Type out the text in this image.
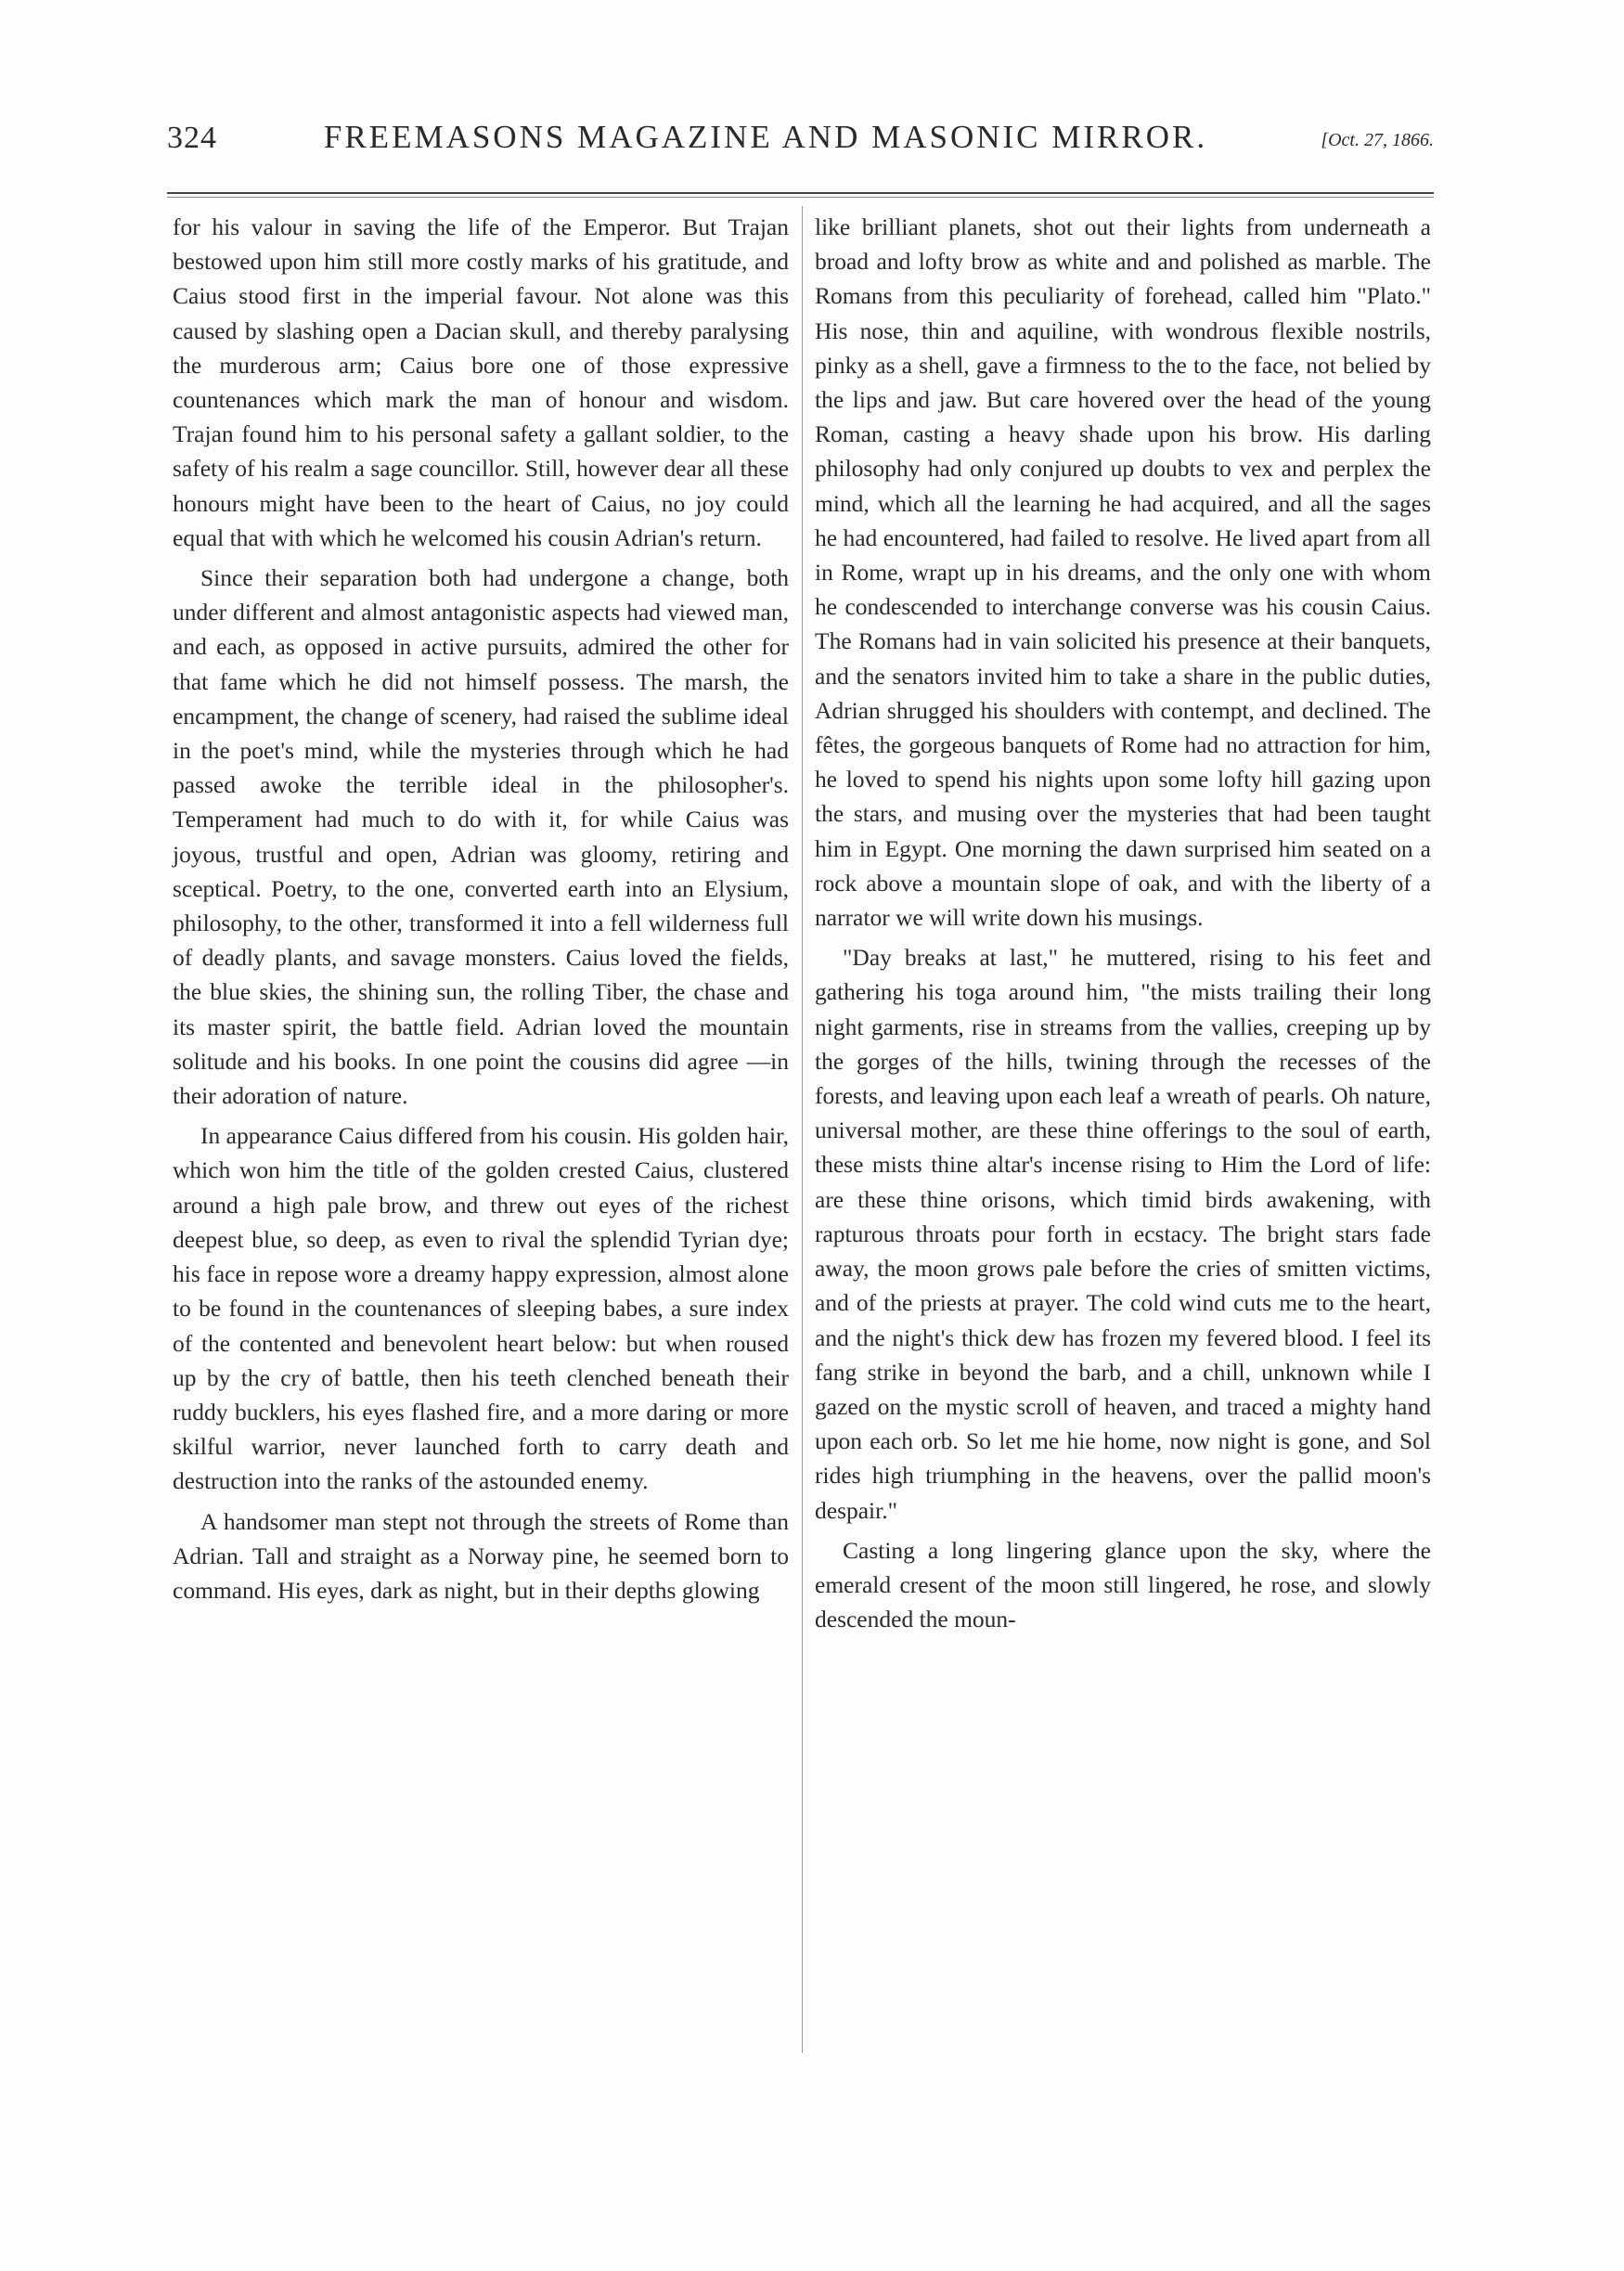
324	FREEMASONS MAGAZINE AND MASONIC MIRROR.	[Oct. 27, 1866.

for his valour in saving the life of the Emperor. But Trajan bestowed upon him still more costly marks of his gratitude, and Caius stood first in the imperial favour. Not alone was this caused by slashing open a Dacian skull, and thereby paralysing the murderous arm; Caius bore one of those expressive countenances which mark the man of honour and wisdom. Trajan found him to his personal safety a gallant soldier, to the safety of his realm a sage councillor. Still, however dear all these honours might have been to the heart of Caius, no joy could equal that with which he welcomed his cousin Adrian's return.

Since their separation both had undergone a change, both under different and almost antagonistic aspects had viewed man, and each, as opposed in active pursuits, admired the other for that fame which he did not himself possess. The marsh, the encampment, the change of scenery, had raised the sublime ideal in the poet's mind, while the mysteries through which he had passed awoke the terrible ideal in the philosopher's. Temperament had much to do with it, for while Caius was joyous, trustful and open, Adrian was gloomy, retiring and sceptical. Poetry, to the one, converted earth into an Elysium, philosophy, to the other, transformed it into a fell wilderness full of deadly plants, and savage monsters. Caius loved the fields, the blue skies, the shining sun, the rolling Tiber, the chase and its master spirit, the battle field. Adrian loved the mountain solitude and his books. In one point the cousins did agree —in their adoration of nature.

In appearance Caius differed from his cousin. His golden hair, which won him the title of the golden crested Caius, clustered around a high pale brow, and threw out eyes of the richest deepest blue, so deep, as even to rival the splendid Tyrian dye; his face in repose wore a dreamy happy expression, almost alone to be found in the countenances of sleeping babes, a sure index of the contented and benevolent heart below: but when roused up by the cry of battle, then his teeth clenched beneath their ruddy bucklers, his eyes flashed fire, and a more daring or more skilful warrior, never launched forth to carry death and destruction into the ranks of the astounded enemy.

A handsomer man stept not through the streets of Rome than Adrian. Tall and straight as a Norway pine, he seemed born to command. His eyes, dark as night, but in their depths glowing

like brilliant planets, shot out their lights from underneath a broad and lofty brow as white and and polished as marble. The Romans from this peculiarity of forehead, called him "Plato." His nose, thin and aquiline, with wondrous flexible nostrils, pinky as a shell, gave a firmness to the to the face, not belied by the lips and jaw. But care hovered over the head of the young Roman, casting a heavy shade upon his brow. His darling philosophy had only conjured up doubts to vex and perplex the mind, which all the learning he had acquired, and all the sages he had encountered, had failed to resolve. He lived apart from all in Rome, wrapt up in his dreams, and the only one with whom he condescended to interchange converse was his cousin Caius. The Romans had in vain solicited his presence at their banquets, and the senators invited him to take a share in the public duties, Adrian shrugged his shoulders with contempt, and declined. The fêtes, the gorgeous banquets of Rome had no attraction for him, he loved to spend his nights upon some lofty hill gazing upon the stars, and musing over the mysteries that had been taught him in Egypt. One morning the dawn surprised him seated on a rock above a mountain slope of oak, and with the liberty of a narrator we will write down his musings.

"Day breaks at last," he muttered, rising to his feet and gathering his toga around him, "the mists trailing their long night garments, rise in streams from the vallies, creeping up by the gorges of the hills, twining through the recesses of the forests, and leaving upon each leaf a wreath of pearls. Oh nature, universal mother, are these thine offerings to the soul of earth, these mists thine altar's incense rising to Him the Lord of life: are these thine orisons, which timid birds awakening, with rapturous throats pour forth in ecstacy. The bright stars fade away, the moon grows pale before the cries of smitten victims, and of the priests at prayer. The cold wind cuts me to the heart, and the night's thick dew has frozen my fevered blood. I feel its fang strike in beyond the barb, and a chill, unknown while I gazed on the mystic scroll of heaven, and traced a mighty hand upon each orb. So let me hie home, now night is gone, and Sol rides high triumphing in the heavens, over the pallid moon's despair."

Casting a long lingering glance upon the sky, where the emerald cresent of the moon still lingered, he rose, and slowly descended the moun-
